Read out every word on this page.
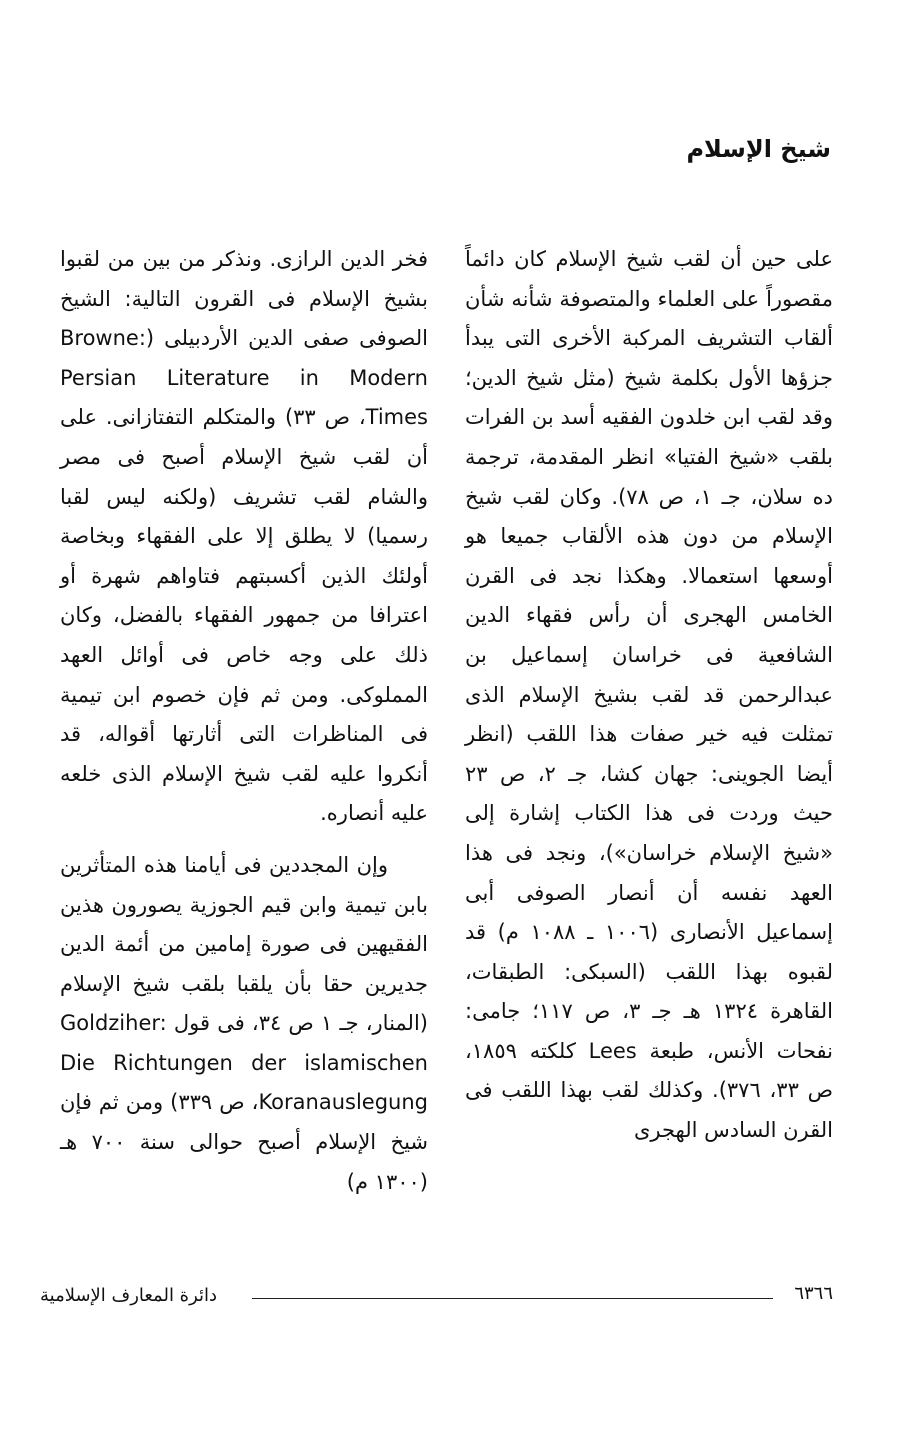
شيخ الإسلام

على حين أن لقب شيخ الإسلام كان دائماً مقصوراً على العلماء والمتصوفة شأنه شأن ألقاب التشريف المركبة الأخرى التى يبدأ جزؤها الأول بكلمة شيخ (مثل شيخ الدين؛ وقد لقب ابن خلدون الفقيه أسد بن الفرات بلقب «شيخ الفتيا» انظر المقدمة، ترجمة ده سلان، جـ ١، ص ٧٨). وكان لقب شيخ الإسلام من دون هذه الألقاب جميعا هو أوسعها استعمالا. وهكذا نجد فى القرن الخامس الهجرى أن رأس فقهاء الدين الشافعية فى خراسان إسماعيل بن عبدالرحمن قد لقب بشيخ الإسلام الذى تمثلت فيه خير صفات هذا اللقب (انظر أيضا الجوينى: جهان كشا، جـ ٢، ص ٢٣ حيث وردت فى هذا الكتاب إشارة إلى «شيخ الإسلام خراسان»)، ونجد فى هذا العهد نفسه أن أنصار الصوفى أبى إسماعيل الأنصارى (١٠٠٦ ـ ١٠٨٨ م) قد لقبوه بهذا اللقب (السبكى: الطبقات، القاهرة ١٣٢٤ هـ جـ ٣، ص ١١٧؛ جامى: نفحات الأنس، طبعة Lees كلكته ١٨٥٩، ص ٣٣، ٣٧٦). وكذلك لقب بهذا اللقب فى القرن السادس الهجرى

فخر الدين الرازى. ونذكر من بين من لقبوا بشيخ الإسلام فى القرون التالية: الشيخ الصوفى صفى الدين الأردبيلى (Browne: Persian Literature in Modern Times، ص ٣٣) والمتكلم التفتازانى. على أن لقب شيخ الإسلام أصبح فى مصر والشام لقب تشريف (ولكنه ليس لقبا رسميا) لا يطلق إلا على الفقهاء وبخاصة أولئك الذين أكسبتهم فتاواهم شهرة أو اعترافا من جمهور الفقهاء بالفضل، وكان ذلك على وجه خاص فى أوائل العهد المملوكى. ومن ثم فإن خصوم ابن تيمية فى المناظرات التى أثارتها أقواله، قد أنكروا عليه لقب شيخ الإسلام الذى خلعه عليه أنصاره.

وإن المجددين فى أيامنا هذه المتأثرين بابن تيمية وابن قيم الجوزية يصورون هذين الفقيهين فى صورة إمامين من أئمة الدين جديرين حقا بأن يلقبا بلقب شيخ الإسلام (المنار، جـ ١ ص ٣٤، فى قول Goldziher: Die Richtungen der islamischen Koranauslegung، ص ٣٣٩) ومن ثم فإن شيخ الإسلام أصبح حوالى سنة ٧٠٠ هـ (١٣٠٠ م)

٦٣٦٦
دائرة المعارف الإسلامية
